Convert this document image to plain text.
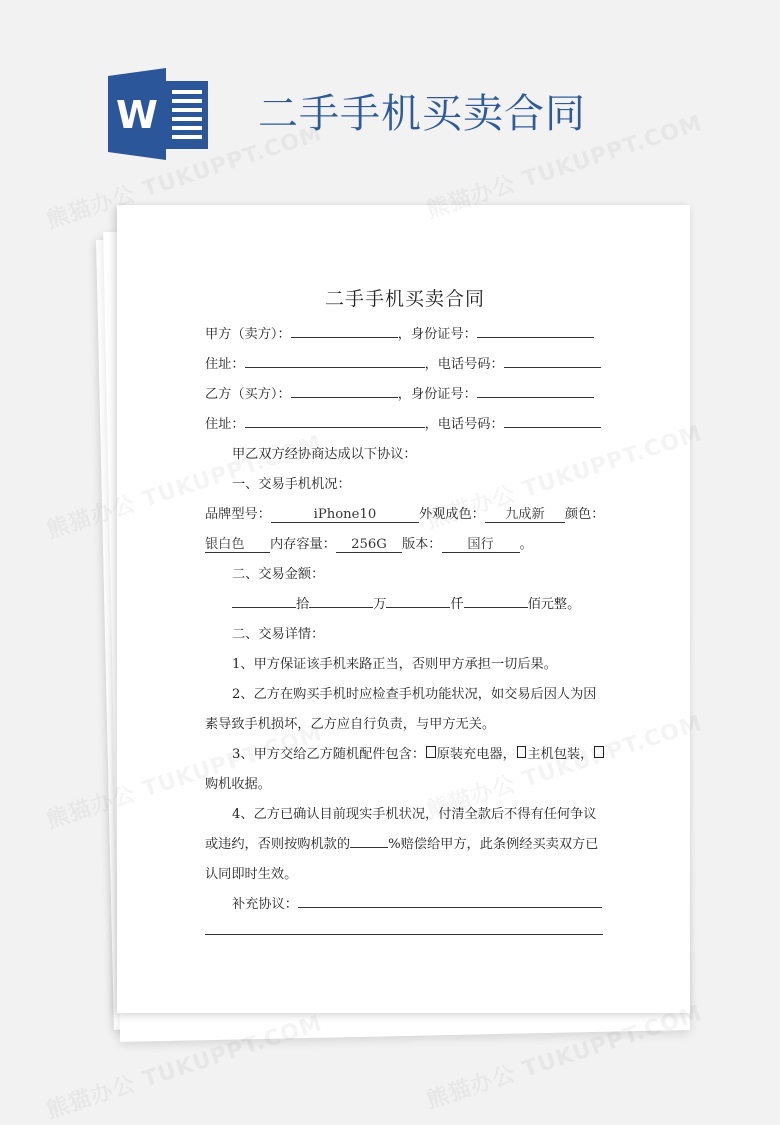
W	二手手机买卖合同
二手手机买卖合同
甲方（卖方）：	，身份证号：
住址：	，电话号码：
乙方（买方）：	，身份证号：
住址：	，电话号码：
甲乙双方经协商达成以下协议：
一、交易手机机况：
品牌型号：	iPhone10	外观成色：	九成新	颜色：
银白色	内存容量：	256G	版本：	国行	。
二、交易金额：
拾	万	仟	佰元整。
二、交易详情：
1、甲方保证该手机来路正当，否则甲方承担一切后果。
2、乙方在购买手机时应检查手机功能状况，如交易后因人为因
素导致手机损坏，乙方应自行负责，与甲方无关。
3、甲方交给乙方随机配件包含： 原装充电器， 主机包装，
购机收据。
4、乙方已确认目前现实手机状况，付清全款后不得有任何争议
或违约，否则按购机款的	%赔偿给甲方，此条例经买卖双方已
认同即时生效。
补充协议：
